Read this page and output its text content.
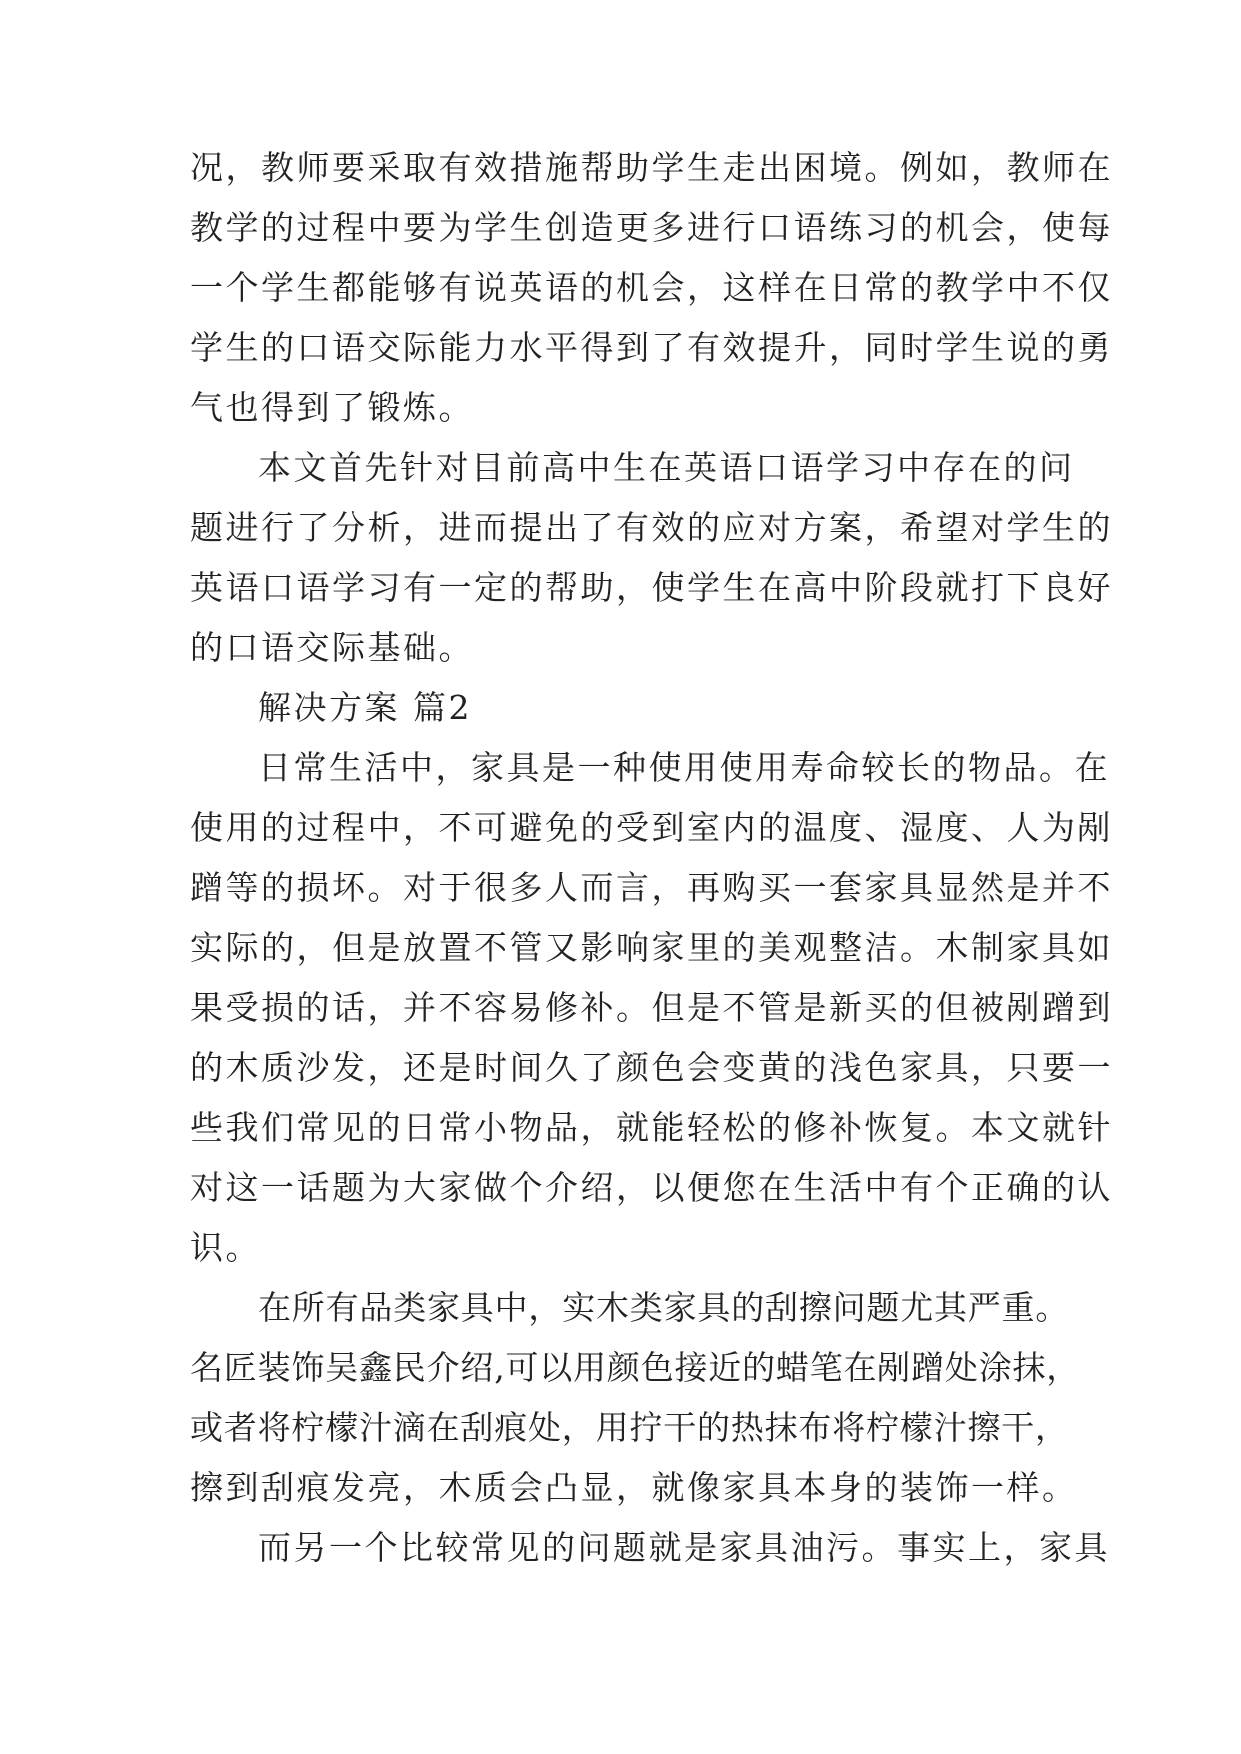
况，教师要采取有效措施帮助学生走出困境。例如，教师在
教学的过程中要为学生创造更多进行口语练习的机会，使每
一个学生都能够有说英语的机会，这样在日常的教学中不仅
学生的口语交际能力水平得到了有效提升，同时学生说的勇
气也得到了锻炼。
本文首先针对目前高中生在英语口语学习中存在的问
题进行了分析，进而提出了有效的应对方案，希望对学生的
英语口语学习有一定的帮助，使学生在高中阶段就打下良好
的口语交际基础。
解决方案 篇2
日常生活中，家具是一种使用使用寿命较长的物品。在
使用的过程中，不可避免的受到室内的温度、湿度、人为剐
蹭等的损坏。对于很多人而言，再购买一套家具显然是并不
实际的，但是放置不管又影响家里的美观整洁。木制家具如
果受损的话，并不容易修补。但是不管是新买的但被剐蹭到
的木质沙发，还是时间久了颜色会变黄的浅色家具，只要一
些我们常见的日常小物品，就能轻松的修补恢复。本文就针
对这一话题为大家做个介绍，以便您在生活中有个正确的认
识。
在所有品类家具中，实木类家具的刮擦问题尤其严重。
名匠装饰吴鑫民介绍,可以用颜色接近的蜡笔在剐蹭处涂抹，
或者将柠檬汁滴在刮痕处，用拧干的热抹布将柠檬汁擦干，
擦到刮痕发亮，木质会凸显，就像家具本身的装饰一样。
而另一个比较常见的问题就是家具油污。事实上，家具
